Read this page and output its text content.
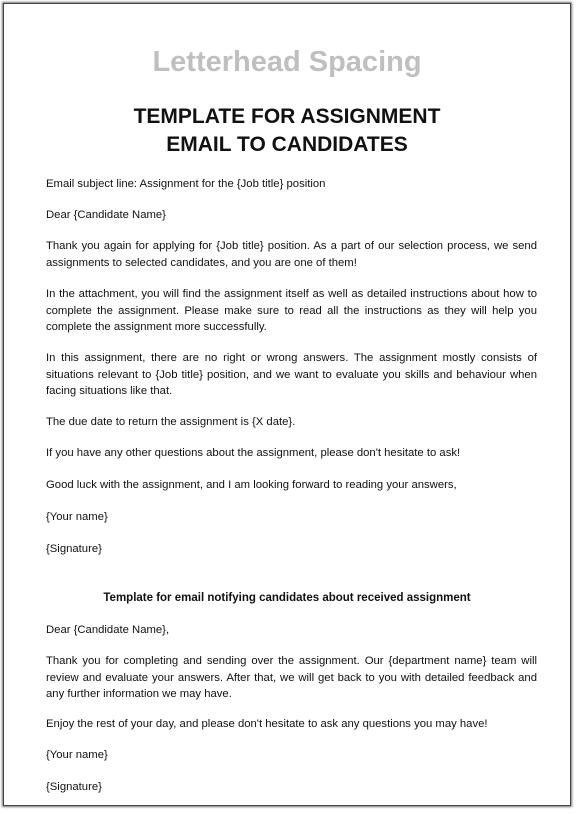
Letterhead Spacing
TEMPLATE FOR ASSIGNMENT
EMAIL TO CANDIDATES
Email subject line: Assignment for the {Job title} position
Dear {Candidate Name}
Thank you again for applying for {Job title} position. As a part of our selection process, we send assignments to selected candidates, and you are one of them!
In the attachment, you will find the assignment itself as well as detailed instructions about how to complete the assignment. Please make sure to read all the instructions as they will help you complete the assignment more successfully.
In this assignment, there are no right or wrong answers. The assignment mostly consists of situations relevant to {Job title} position, and we want to evaluate you skills and behaviour when facing situations like that.
The due date to return the assignment is {X date}.
If you have any other questions about the assignment, please don't hesitate to ask!
Good luck with the assignment, and I am looking forward to reading your answers,
{Your name}
{Signature}
Template for email notifying candidates about received assignment
Dear {Candidate Name},
Thank you for completing and sending over the assignment. Our {department name} team will review and evaluate your answers. After that, we will get back to you with detailed feedback and any further information we may have.
Enjoy the rest of your day, and please don't hesitate to ask any questions you may have!
{Your name}
{Signature}
